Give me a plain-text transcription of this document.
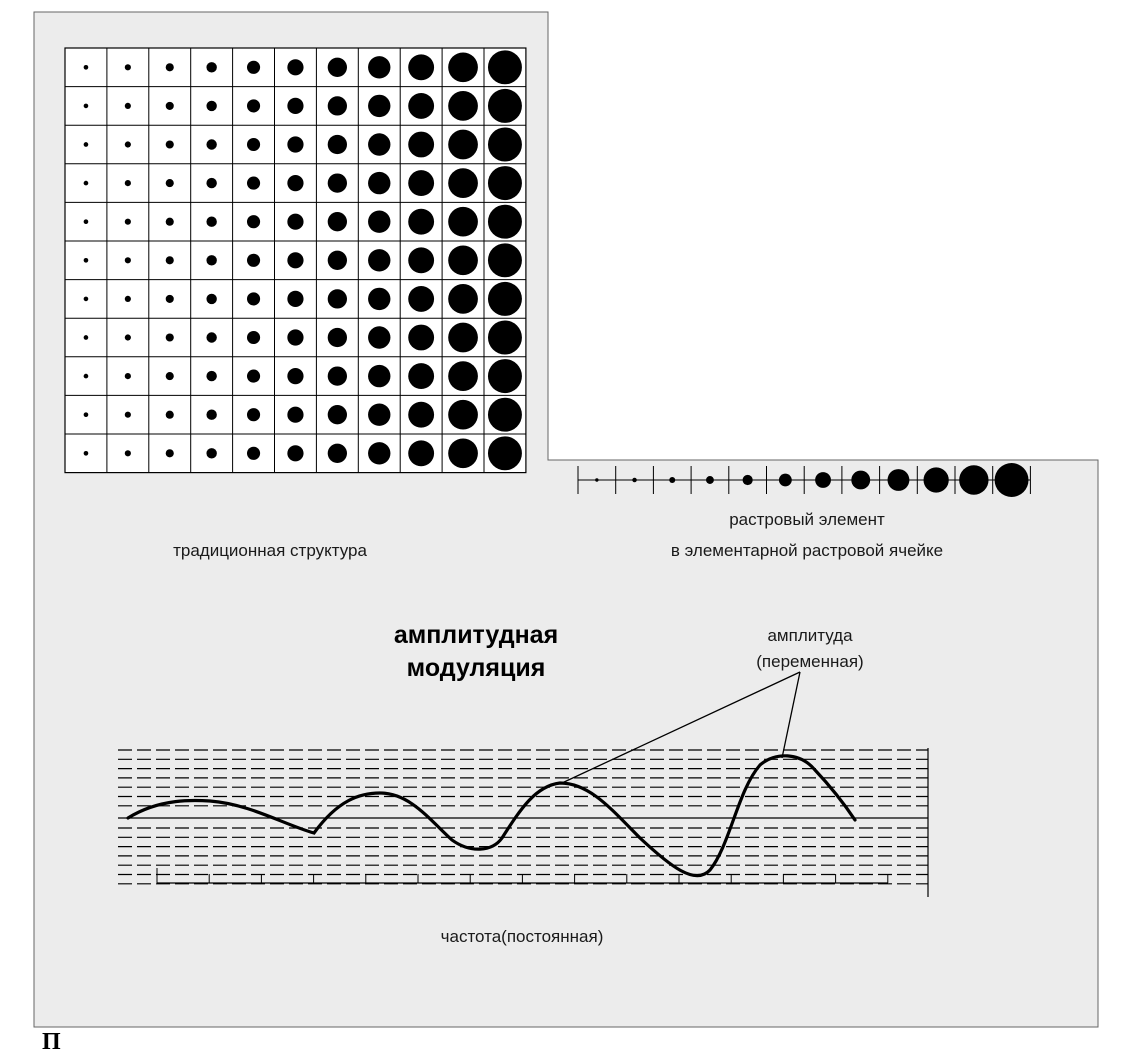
традиционная структура
растровый элемент
в элементарной растровой ячейке
амплитудная
модуляция
амплитуда
(переменная)
частота(постоянная)
П
